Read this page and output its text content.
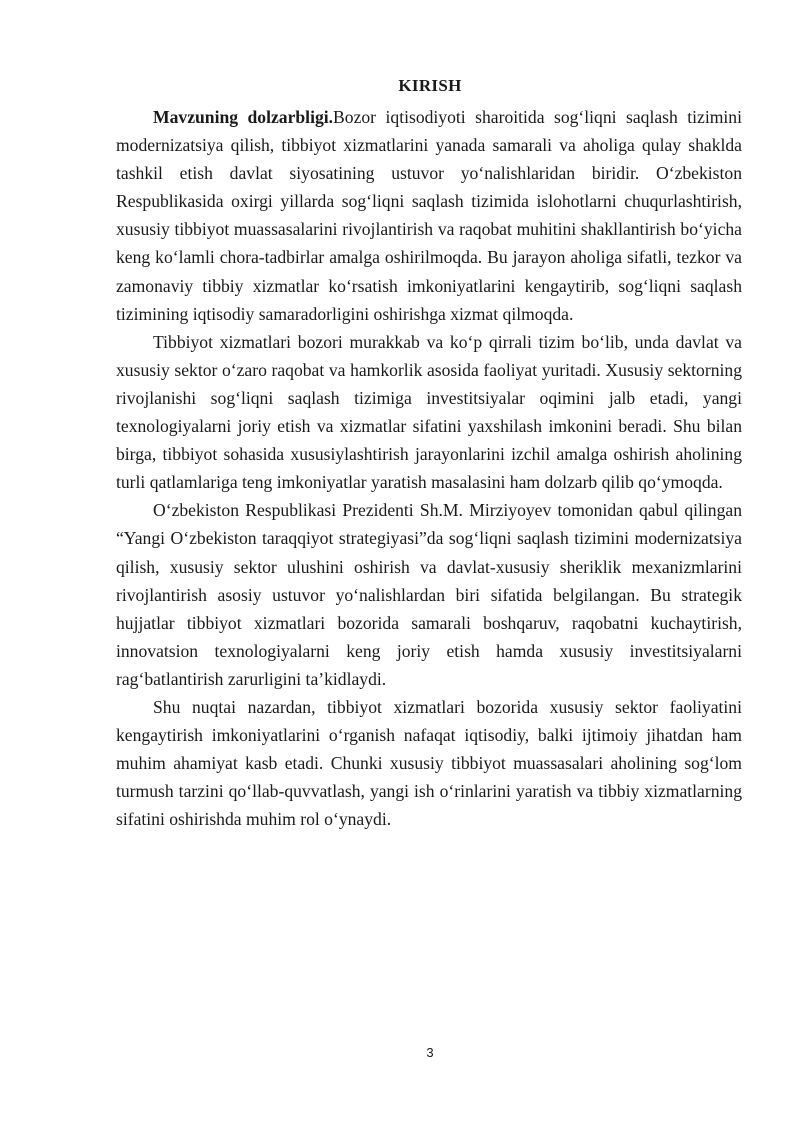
KIRISH

Mavzuning dolzarbligi.Bozor iqtisodiyoti sharoitida sog‘liqni saqlash tizimini modernizatsiya qilish, tibbiyot xizmatlarini yanada samarali va aholiga qulay shaklda tashkil etish davlat siyosatining ustuvor yo‘nalishlaridan biridir. O‘zbekiston Respublikasida oxirgi yillarda sog‘liqni saqlash tizimida islohotlarni chuqurlashtirish, xususiy tibbiyot muassasalarini rivojlantirish va raqobat muhitini shakllantirish bo‘yicha keng ko‘lamli chora-tadbirlar amalga oshirilmoqda. Bu jarayon aholiga sifatli, tezkor va zamonaviy tibbiy xizmatlar ko‘rsatish imkoniyatlarini kengaytirib, sog‘liqni saqlash tizimining iqtisodiy samaradorligini oshirishga xizmat qilmoqda.

Tibbiyot xizmatlari bozori murakkab va ko‘p qirrali tizim bo‘lib, unda davlat va xususiy sektor o‘zaro raqobat va hamkorlik asosida faoliyat yuritadi. Xususiy sektorning rivojlanishi sog‘liqni saqlash tizimiga investitsiyalar oqimini jalb etadi, yangi texnologiyalarni joriy etish va xizmatlar sifatini yaxshilash imkonini beradi. Shu bilan birga, tibbiyot sohasida xususiylashtirish jarayonlarini izchil amalga oshirish aholining turli qatlamlariga teng imkoniyatlar yaratish masalasini ham dolzarb qilib qo‘ymoqda.

O‘zbekiston Respublikasi Prezidenti Sh.M. Mirziyoyev tomonidan qabul qilingan “Yangi O‘zbekiston taraqqiyot strategiyasi”da sog‘liqni saqlash tizimini modernizatsiya qilish, xususiy sektor ulushini oshirish va davlat-xususiy sheriklik mexanizmlarini rivojlantirish asosiy ustuvor yo‘nalishlardan biri sifatida belgilangan. Bu strategik hujjatlar tibbiyot xizmatlari bozorida samarali boshqaruv, raqobatni kuchaytirish, innovatsion texnologiyalarni keng joriy etish hamda xususiy investitsiyalarni rag‘batlantirish zarurligini ta’kidlaydi.

Shu nuqtai nazardan, tibbiyot xizmatlari bozorida xususiy sektor faoliyatini kengaytirish imkoniyatlarini o‘rganish nafaqat iqtisodiy, balki ijtimoiy jihatdan ham muhim ahamiyat kasb etadi. Chunki xususiy tibbiyot muassasalari aholining sog‘lom turmush tarzini qo‘llab-quvvatlash, yangi ish o‘rinlarini yaratish va tibbiy xizmatlarning sifatini oshirishda muhim rol o‘ynaydi.

3
